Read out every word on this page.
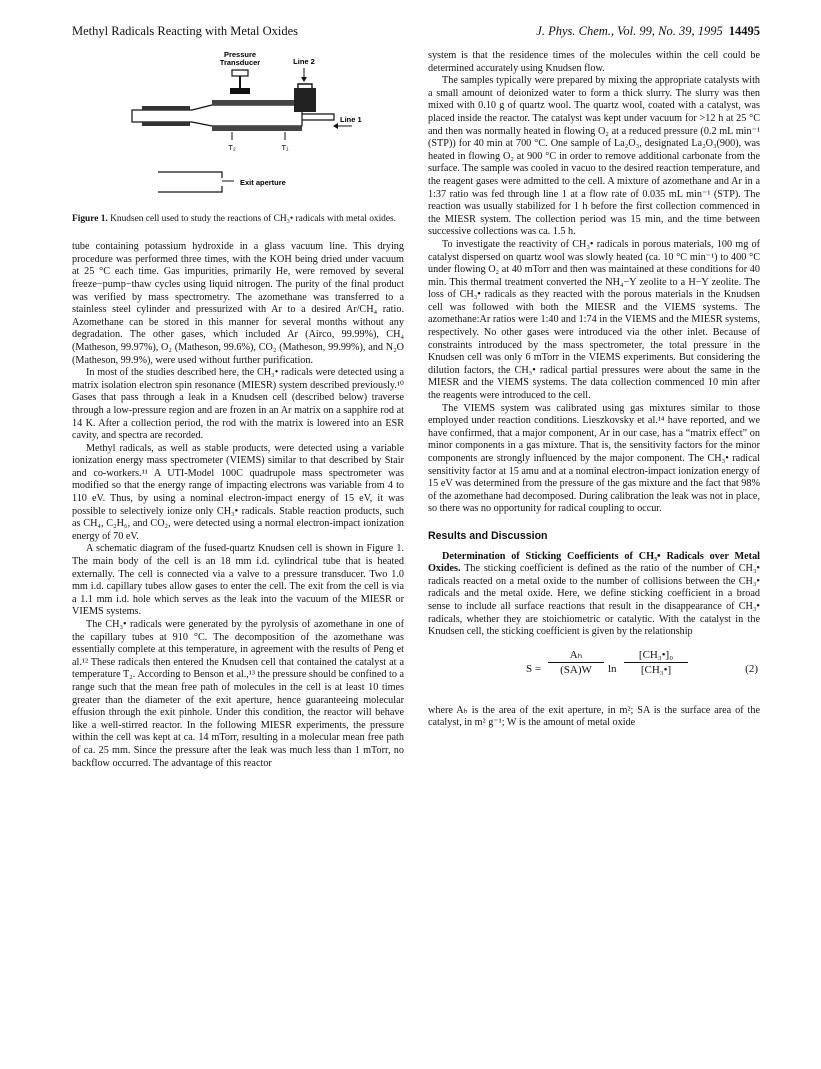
Methyl Radicals Reacting with Metal Oxides	J. Phys. Chem., Vol. 99, No. 39, 1995 14495
Pressure
Transducer	Line 2
Line 1
T₂	T₁
Exit aperture

Figure 1. Knudsen cell used to study the reactions of CH₃• radicals with metal oxides.

tube containing potassium hydroxide in a glass vacuum line. This drying procedure was performed three times, with the KOH being dried under vacuum at 25 °C each time. Gas impurities, primarily He, were removed by several freeze−pump−thaw cycles using liquid nitrogen. The purity of the final product was verified by mass spectrometry. The azomethane was transferred to a stainless steel cylinder and pressurized with Ar to a desired Ar/CH₄ ratio. Azomethane can be stored in this manner for several months without any degradation. The other gases, which included Ar (Airco, 99.99%), CH₄ (Matheson, 99.97%), O₂ (Matheson, 99.6%), CO₂ (Matheson, 99.99%), and N₂O (Matheson, 99.9%), were used without further purification.

In most of the studies described here, the CH₃• radicals were detected using a matrix isolation electron spin resonance (MIESR) system described previously.¹⁰ Gases that pass through a leak in a Knudsen cell (described below) traverse through a low-pressure region and are frozen in an Ar matrix on a sapphire rod at 14 K. After a collection period, the rod with the matrix is lowered into an ESR cavity, and spectra are recorded.

Methyl radicals, as well as stable products, were detected using a variable ionization energy mass spectrometer (VIEMS) similar to that described by Stair and co-workers.¹¹ A UTI-Model 100C quadrupole mass spectrometer was modified so that the energy range of impacting electrons was variable from 4 to 110 eV. Thus, by using a nominal electron-impact energy of 15 eV, it was possible to selectively ionize only CH₃• radicals. Stable reaction products, such as CH₄, C₂H₆, and CO₂, were detected using a normal electron-impact ionization energy of 70 eV.

A schematic diagram of the fused-quartz Knudsen cell is shown in Figure 1. The main body of the cell is an 18 mm i.d. cylindrical tube that is heated externally. The cell is connected via a valve to a pressure transducer. Two 1.0 mm i.d. capillary tubes allow gases to enter the cell. The exit from the cell is via a 1.1 mm i.d. hole which serves as the leak into the vacuum of the MIESR or VIEMS systems.

The CH₃• radicals were generated by the pyrolysis of azomethane in one of the capillary tubes at 910 °C. The decomposition of the azomethane was essentially complete at this temperature, in agreement with the results of Peng et al.¹² These radicals then entered the Knudsen cell that contained the catalyst at a temperature T₂. According to Benson et al.,¹³ the pressure should be confined to a range such that the mean free path of molecules in the cell is at least 10 times greater than the diameter of the exit aperture, hence guaranteeing molecular effusion through the exit pinhole. Under this condition, the reactor will behave like a well-stirred reactor. In the following MIESR experiments, the pressure within the cell was kept at ca. 14 mTorr, resulting in a molecular mean free path of ca. 25 mm. Since the pressure after the leak was much less than 1 mTorr, no backflow occurred. The advantage of this reactor

system is that the residence times of the molecules within the cell could be determined accurately using Knudsen flow.

The samples typically were prepared by mixing the appropriate catalysts with a small amount of deionized water to form a thick slurry. The slurry was then mixed with 0.10 g of quartz wool. The quartz wool, coated with a catalyst, was placed inside the reactor. The catalyst was kept under vacuum for >12 h at 25 °C and then was normally heated in flowing O₂ at a reduced pressure (0.2 mL min⁻¹ (STP)) for 40 min at 700 °C. One sample of La₂O₃, designated La₂O₃(900), was heated in flowing O₂ at 900 °C in order to remove additional carbonate from the surface. The sample was cooled in vacuo to the desired reaction temperature, and the reagent gases were admitted to the cell. A mixture of azomethane and Ar in a 1:37 ratio was fed through line 1 at a flow rate of 0.035 mL min⁻¹ (STP). The reaction was usually stabilized for 1 h before the first collection commenced in the MIESR system. The collection period was 15 min, and the time between successive collections was ca. 1.5 h.

To investigate the reactivity of CH₃• radicals in porous materials, 100 mg of catalyst dispersed on quartz wool was slowly heated (ca. 10 °C min⁻¹) to 400 °C under flowing O₂ at 40 mTorr and then was maintained at these conditions for 40 min. This thermal treatment converted the NH₄−Y zeolite to a H−Y zeolite. The loss of CH₃• radicals as they reacted with the porous materials in the Knudsen cell was followed with both the MIESR and the VIEMS systems. The azomethane:Ar ratios were 1:40 and 1:74 in the VIEMS and the MIESR systems, respectively. No other gases were introduced via the other inlet. Because of constraints introduced by the mass spectrometer, the total pressure in the Knudsen cell was only 6 mTorr in the VIEMS experiments. But considering the dilution factors, the CH₃• radical partial pressures were about the same in the MIESR and the VIEMS systems. The data collection commenced 10 min after the reagents were introduced to the cell.

The VIEMS system was calibrated using gas mixtures similar to those employed under reaction conditions. Lieszkovsky et al.¹⁴ have reported, and we have confirmed, that a major component, Ar in our case, has a “matrix effect” on minor components in a gas mixture. That is, the sensitivity factors for the minor components are strongly influenced by the major component. The CH₃• radical sensitivity factor at 15 amu and at a nominal electron-impact ionization energy of 15 eV was determined from the pressure of the gas mixture and the fact that 98% of the azomethane had decomposed. During calibration the leak was not in place, so there was no opportunity for radical coupling to occur.

Results and Discussion

Determination of Sticking Coefficients of CH₃• Radicals over Metal Oxides. The sticking coefficient is defined as the ratio of the number of CH₃• radicals reacted on a metal oxide to the number of collisions between the CH₃• radicals and the metal oxide. Here, we define sticking coefficient in a broad sense to include all surface reactions that result in the disappearance of CH₃• radicals, whether they are stoichiometric or catalytic. With the catalyst in the Knudsen cell, the sticking coefficient is given by the relationship

$S = \frac{\text{Aₕ}}{(SA)W}$ $\ln \frac{\text{[CH₃•]₀}}{\text{[CH₃•]}}$	(2)

where Aₕ is the area of the exit aperture, in m²; SA is the surface area of the catalyst, in m² g⁻¹; W is the amount of metal oxide
